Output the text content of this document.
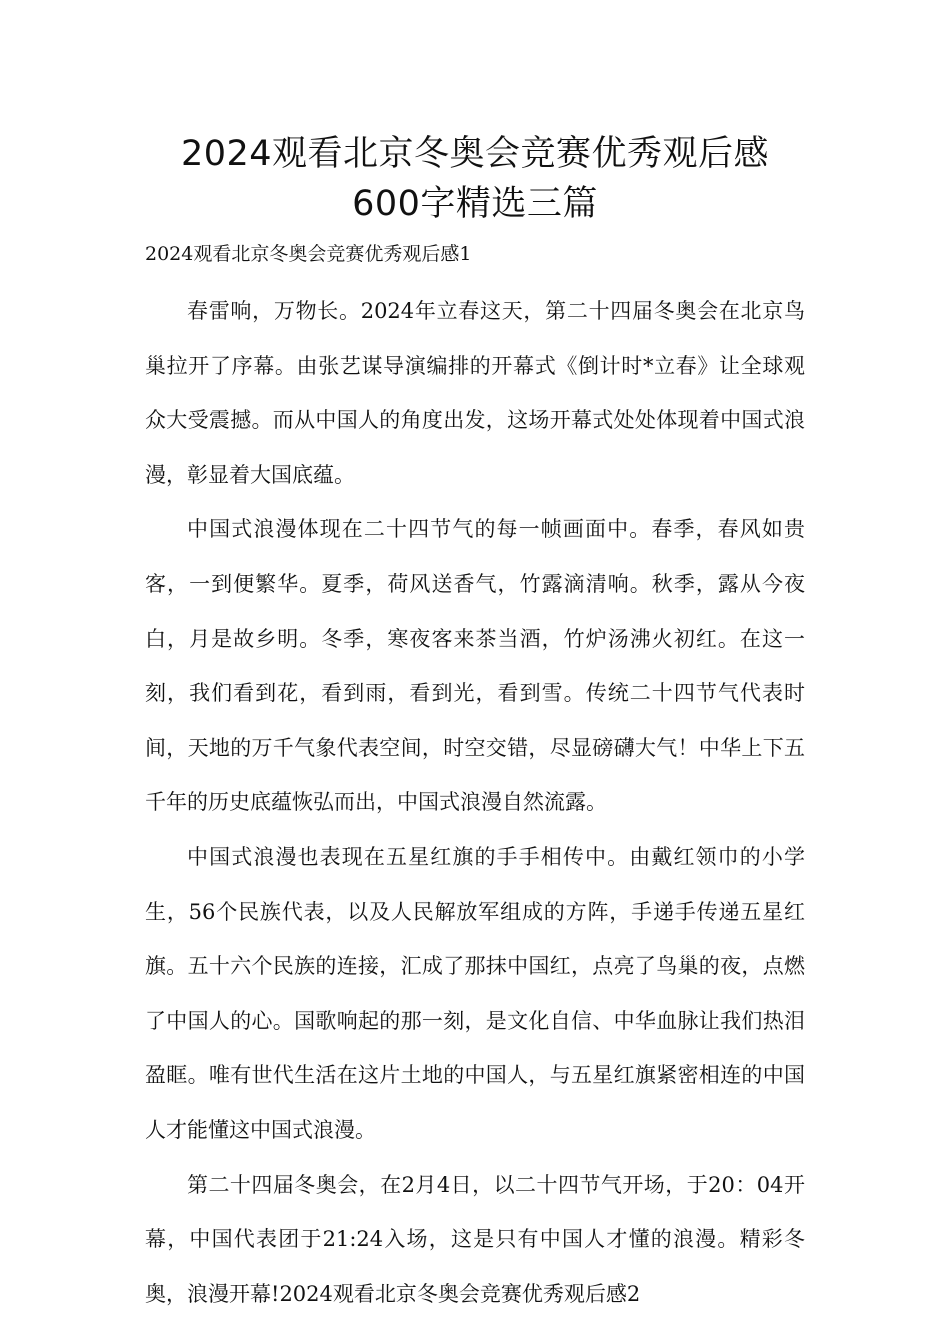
2024观看北京冬奥会竞赛优秀观后感
600字精选三篇

2024观看北京冬奥会竞赛优秀观后感1

春雷响，万物长。2024年立春这天，第二十四届冬奥会在北京鸟巢拉开了序幕。由张艺谋导演编排的开幕式《倒计时*立春》让全球观众大受震撼。而从中国人的角度出发，这场开幕式处处体现着中国式浪漫，彰显着大国底蕴。

中国式浪漫体现在二十四节气的每一帧画面中。春季，春风如贵客，一到便繁华。夏季，荷风送香气，竹露滴清响。秋季，露从今夜白，月是故乡明。冬季，寒夜客来茶当酒，竹炉汤沸火初红。在这一刻，我们看到花，看到雨，看到光，看到雪。传统二十四节气代表时间，天地的万千气象代表空间，时空交错，尽显磅礴大气！中华上下五千年的历史底蕴恢弘而出，中国式浪漫自然流露。

中国式浪漫也表现在五星红旗的手手相传中。由戴红领巾的小学生，56个民族代表，以及人民解放军组成的方阵，手递手传递五星红旗。五十六个民族的连接，汇成了那抹中国红，点亮了鸟巢的夜，点燃了中国人的心。国歌响起的那一刻，是文化自信、中华血脉让我们热泪盈眶。唯有世代生活在这片土地的中国人，与五星红旗紧密相连的中国人才能懂这中国式浪漫。

第二十四届冬奥会，在2月4日，以二十四节气开场，于20：04开幕，中国代表团于21:24入场，这是只有中国人才懂的浪漫。精彩冬奥，浪漫开幕!2024观看北京冬奥会竞赛优秀观后感2
